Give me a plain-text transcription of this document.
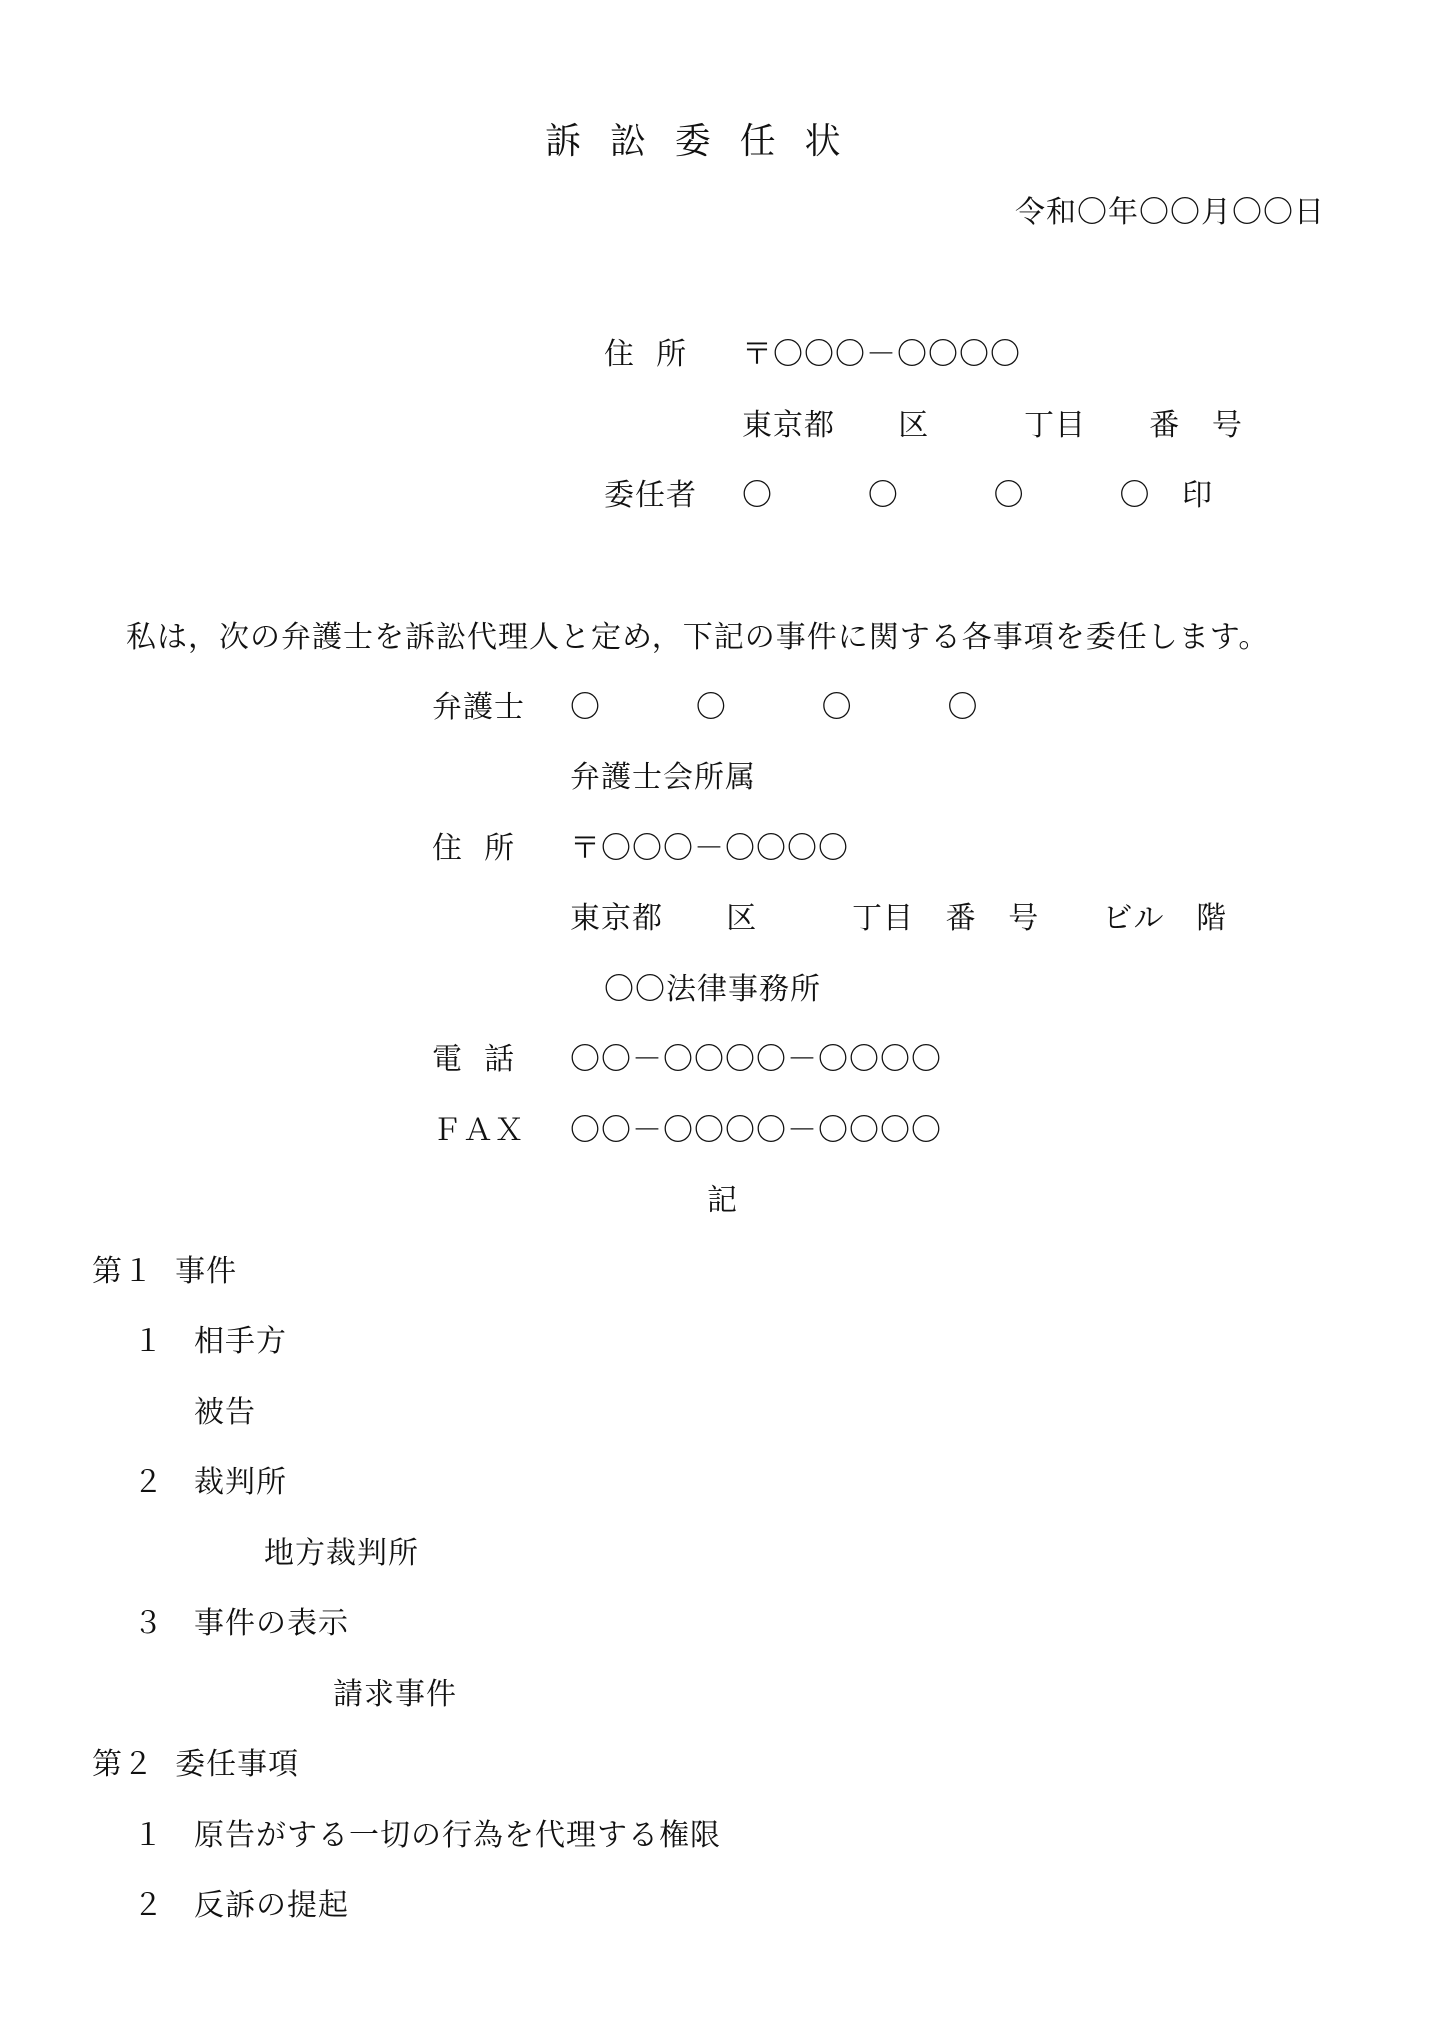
訴  訟  委  任  状
令和〇年〇〇月〇〇日
住  所 〒〇〇〇－〇〇〇〇
東京都      区         丁目      番   号
委任者 〇         〇         〇         〇   印
私は，次の弁護士を訴訟代理人と定め，下記の事件に関する各事項を委任します。
弁護士 〇         〇         〇         〇
弁護士会所属
住  所 〒〇〇〇－〇〇〇〇
東京都      区         丁目   番   号      ビル   階
〇〇法律事務所
電  話 〇〇－〇〇〇〇－〇〇〇〇
ＦＡＸ 〇〇－〇〇〇〇－〇〇〇〇
記
第１  事件
１ 相手方
被告
２ 裁判所
地方裁判所
３ 事件の表示
請求事件
第２  委任事項
１ 原告がする一切の行為を代理する権限
２ 反訴の提起
